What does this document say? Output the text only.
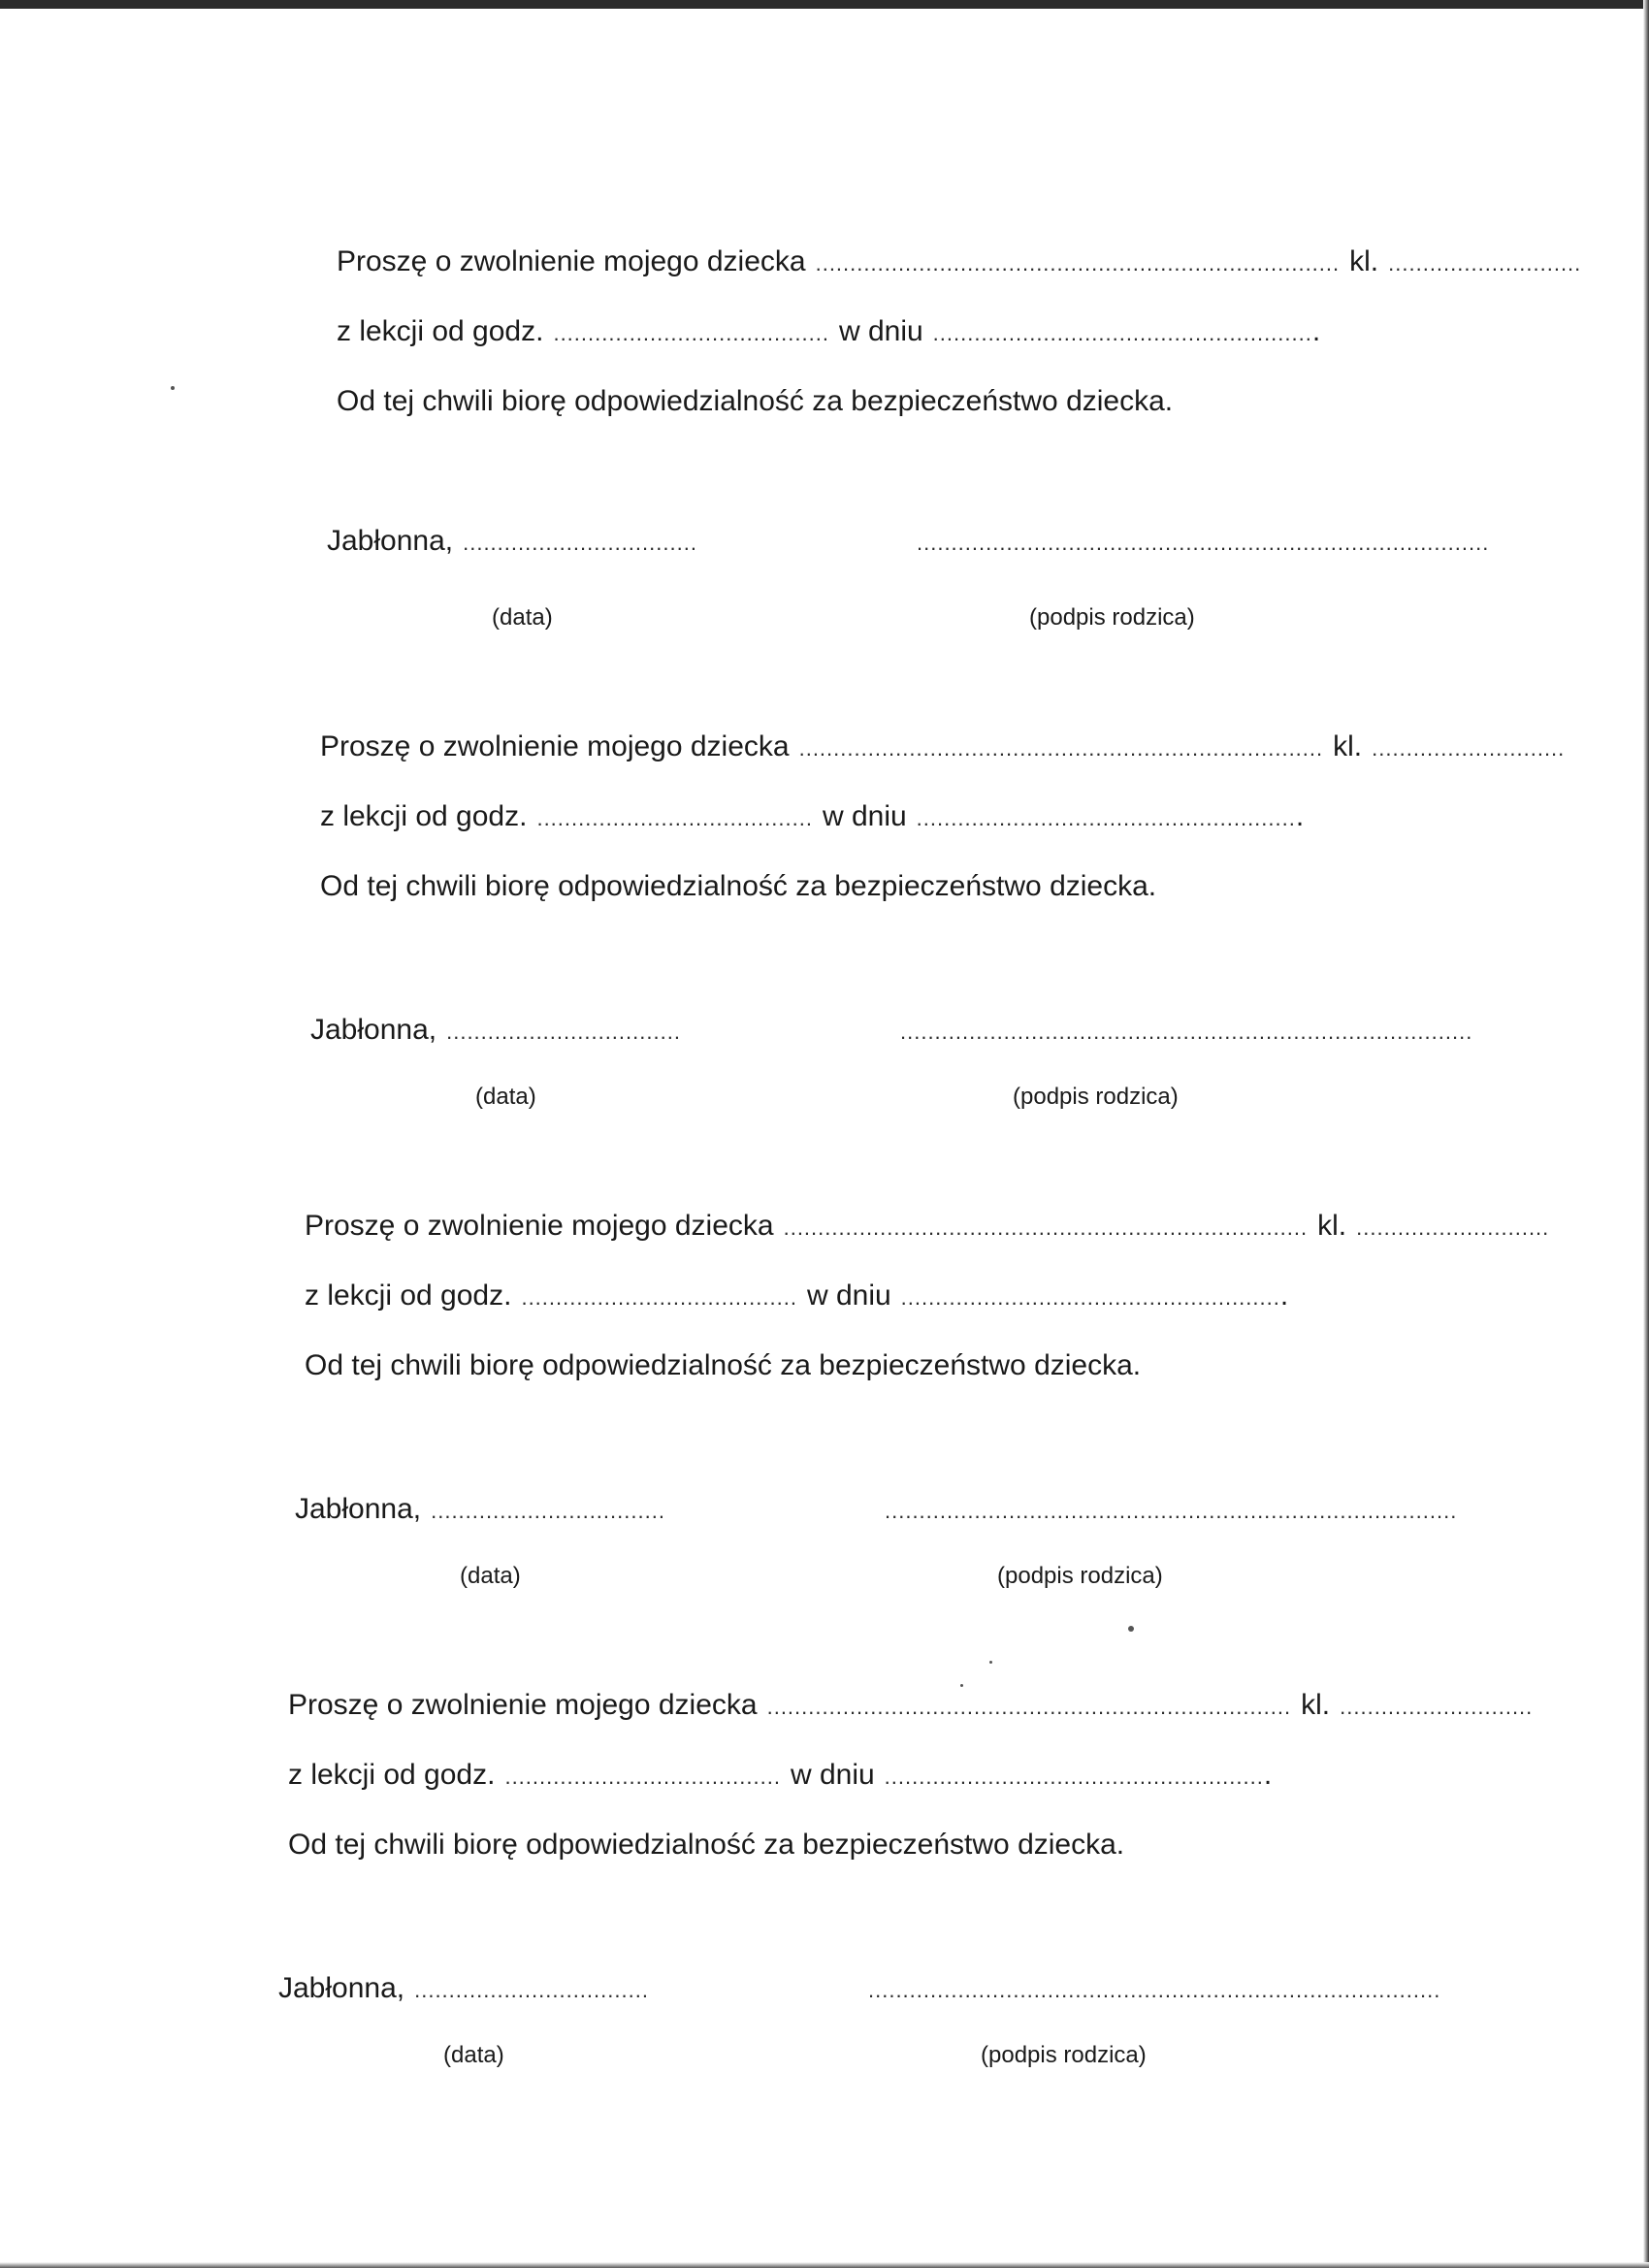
Proszę o zwolnienie mojego dziecka ............................................................................ kl. ............................
z lekcji od godz. ........................................ w dniu ........................................................
Od tej chwili biorę odpowiedzialność za bezpieczeństwo dziecka.
Jabłonna, ..................................	...................................................................................
(data)	(podpis rodzica)
Proszę o zwolnienie mojego dziecka ............................................................................ kl. ............................
z lekcji od godz. ........................................ w dniu ........................................................
Od tej chwili biorę odpowiedzialność za bezpieczeństwo dziecka.
Jabłonna, ..................................	...................................................................................
(data)	(podpis rodzica)
Proszę o zwolnienie mojego dziecka ............................................................................ kl. ............................
z lekcji od godz. ........................................ w dniu ........................................................
Od tej chwili biorę odpowiedzialność za bezpieczeństwo dziecka.
Jabłonna, ..................................	...................................................................................
(data)	(podpis rodzica)
Proszę o zwolnienie mojego dziecka ............................................................................ kl. ............................
z lekcji od godz. ........................................ w dniu ........................................................
Od tej chwili biorę odpowiedzialność za bezpieczeństwo dziecka.
Jabłonna, ..................................	...................................................................................
(data)	(podpis rodzica)
